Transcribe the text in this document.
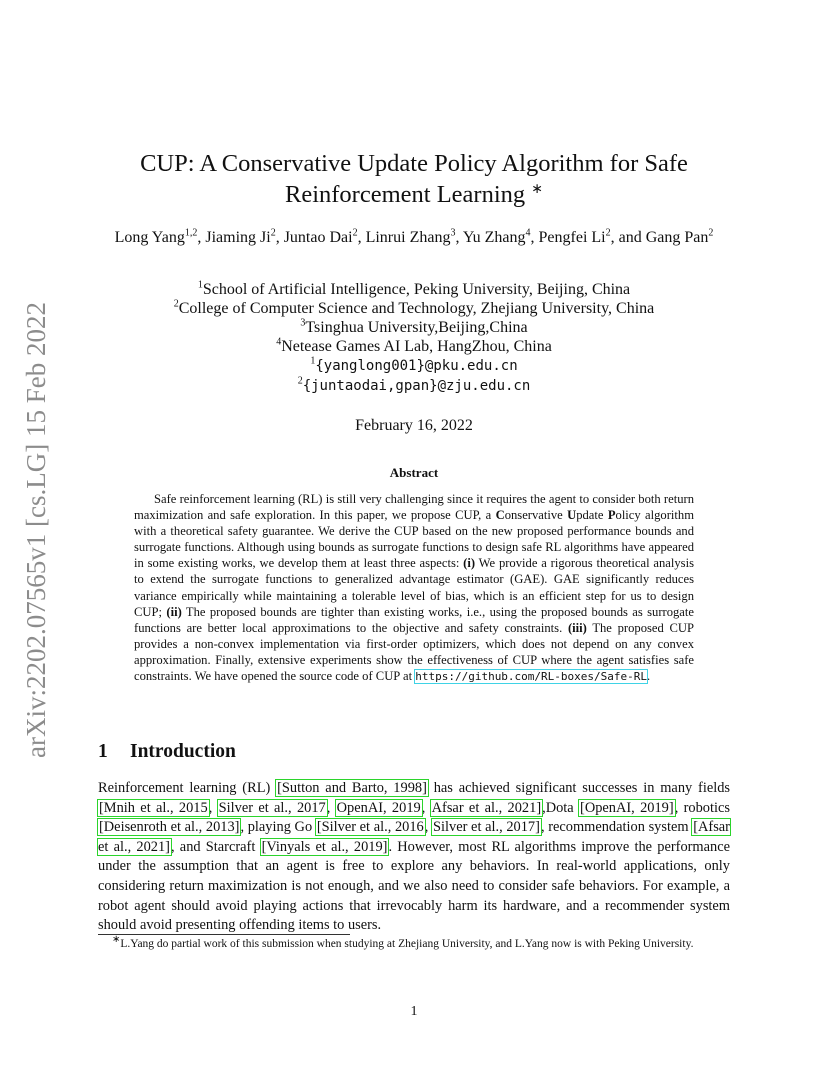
arXiv:2202.07565v1 [cs.LG] 15 Feb 2022
CUP: A Conservative Update Policy Algorithm for Safe
Reinforcement Learning ∗
Long Yang$^{1,2}$, Jiaming Ji$^2$, Juntao Dai$^2$, Linrui Zhang$^3$, Yu Zhang$^4$, Pengfei Li$^2$, and Gang Pan$^2$
$^1$School of Artificial Intelligence, Peking University, Beijing, China
$^2$College of Computer Science and Technology, Zhejiang University, China
$^3$Tsinghua University,Beijing,China
$^4$Netease Games AI Lab, HangZhou, China
$^1${yanglong001}@pku.edu.cn
$^2${juntaodai,gpan}@zju.edu.cn
February 16, 2022
Abstract

Safe reinforcement learning (RL) is still very challenging since it requires the agent to consider both return maximization and safe exploration. In this paper, we propose CUP, a Conservative Update Policy algorithm with a theoretical safety guarantee. We derive the CUP based on the new proposed performance bounds and surrogate functions. Although using bounds as surrogate functions to design safe RL algorithms have appeared in some existing works, we develop them at least three aspects: (i) We provide a rigorous theoretical analysis to extend the surrogate functions to generalized advantage estimator (GAE). GAE significantly reduces variance empirically while maintaining a tolerable level of bias, which is an efficient step for us to design CUP; (ii) The proposed bounds are tighter than existing works, i.e., using the proposed bounds as surrogate functions are better local approximations to the objective and safety constraints. (iii) The proposed CUP provides a non-convex implementation via first-order optimizers, which does not depend on any convex approximation. Finally, extensive experiments show the effectiveness of CUP where the agent satisfies safe constraints. We have opened the source code of CUP at https://github.com/RL-boxes/Safe-RL.

1 Introduction

Reinforcement learning (RL) [Sutton and Barto, 1998] has achieved significant successes in many fields [Mnih et al., 2015, Silver et al., 2017, OpenAI, 2019, Afsar et al., 2021],Dota [OpenAI, 2019], robotics [Deisenroth et al., 2013], playing Go [Silver et al., 2016, Silver et al., 2017], recommendation system [Afsar et al., 2021], and Starcraft [Vinyals et al., 2019]. However, most RL algorithms improve the performance under the assumption that an agent is free to explore any behaviors. In real-world applications, only considering return maximization is not enough, and we also need to consider safe behaviors. For example, a robot agent should avoid playing actions that irrevocably harm its hardware, and a recommender system should avoid presenting offending items to users.

∗L.Yang do partial work of this submission when studying at Zhejiang University, and L.Yang now is with Peking University.

1
